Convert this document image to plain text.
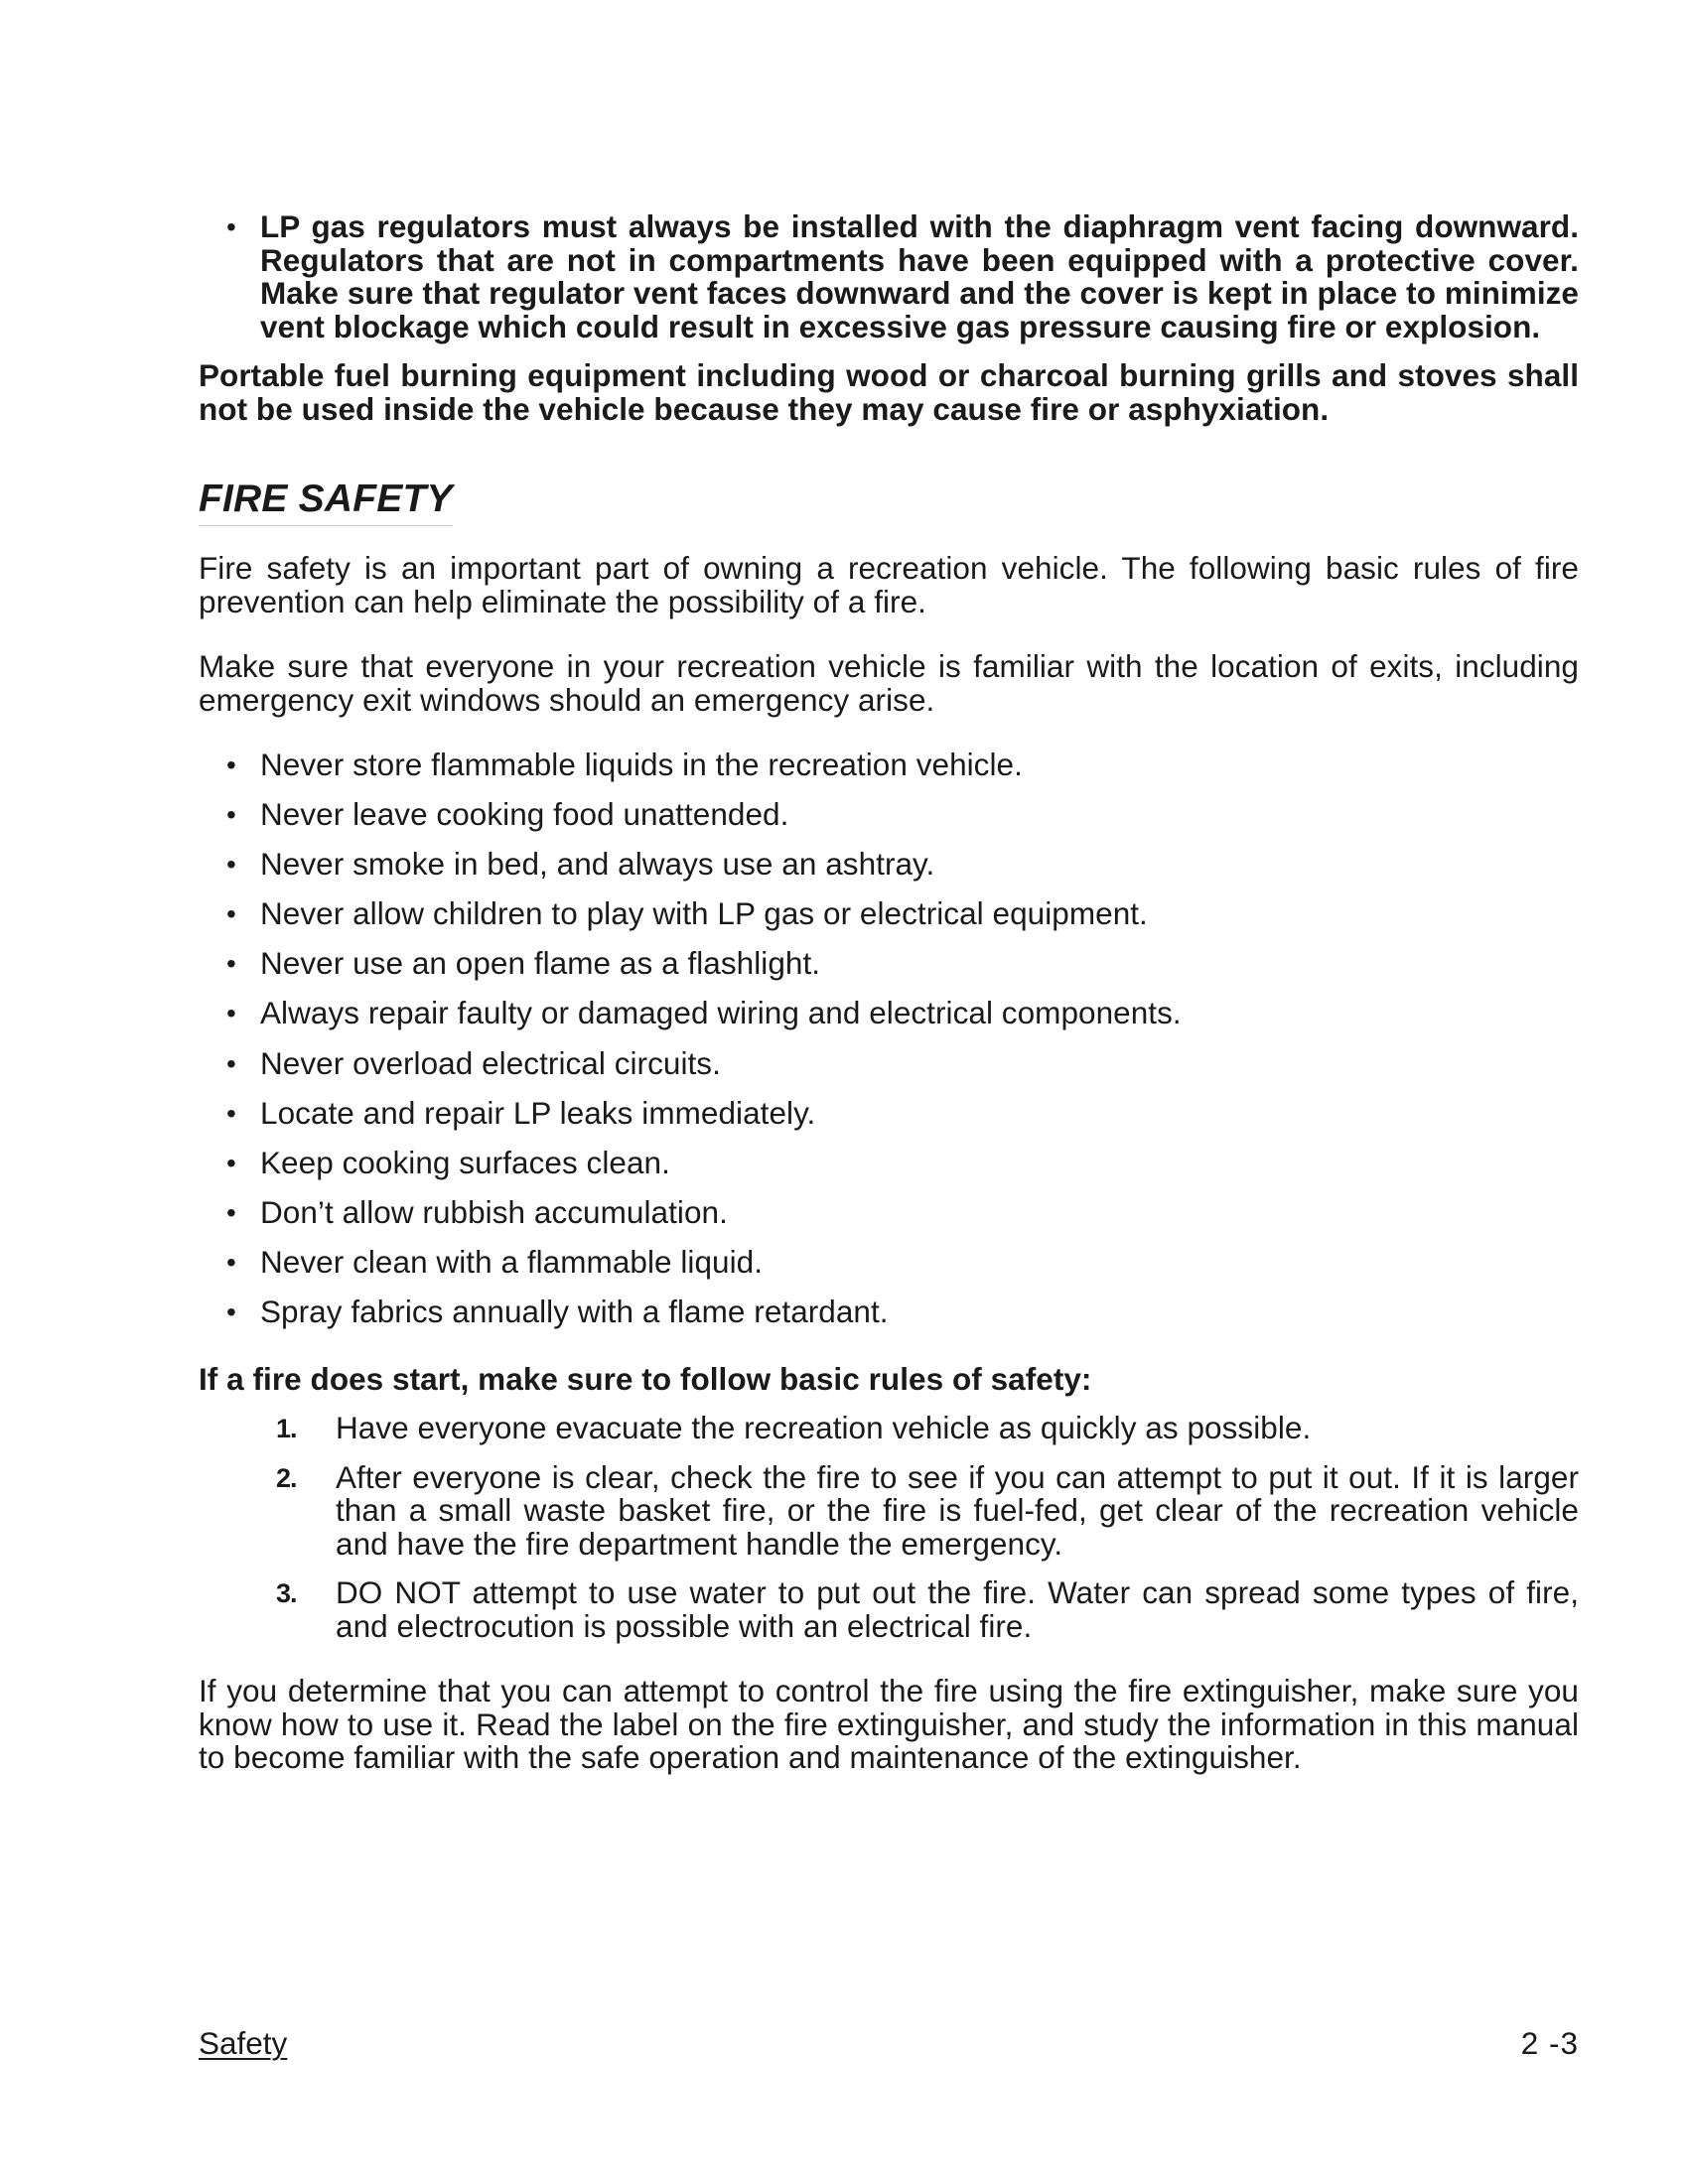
• LP gas regulators must always be installed with the diaphragm vent facing downward. Regulators that are not in compartments have been equipped with a protective cover. Make sure that regulator vent faces downward and the cover is kept in place to minimize vent blockage which could result in excessive gas pressure causing fire or explosion.

Portable fuel burning equipment including wood or charcoal burning grills and stoves shall not be used inside the vehicle because they may cause fire or asphyxiation.

FIRE SAFETY

Fire safety is an important part of owning a recreation vehicle. The following basic rules of fire prevention can help eliminate the possibility of a fire.

Make sure that everyone in your recreation vehicle is familiar with the location of exits, including emergency exit windows should an emergency arise.

• Never store flammable liquids in the recreation vehicle.

• Never leave cooking food unattended.

• Never smoke in bed, and always use an ashtray.

• Never allow children to play with LP gas or electrical equipment.

• Never use an open flame as a flashlight.

• Always repair faulty or damaged wiring and electrical components.

• Never overload electrical circuits.

• Locate and repair LP leaks immediately.

• Keep cooking surfaces clean.

• Don’t allow rubbish accumulation.

• Never clean with a flammable liquid.

• Spray fabrics annually with a flame retardant.

If a fire does start, make sure to follow basic rules of safety:

1. Have everyone evacuate the recreation vehicle as quickly as possible.

2. After everyone is clear, check the fire to see if you can attempt to put it out. If it is larger than a small waste basket fire, or the fire is fuel-fed, get clear of the recreation vehicle and have the fire department handle the emergency.

3. DO NOT attempt to use water to put out the fire. Water can spread some types of fire, and electrocution is possible with an electrical fire.

If you determine that you can attempt to control the fire using the fire extinguisher, make sure you know how to use it. Read the label on the fire extinguisher, and study the information in this manual to become familiar with the safe operation and maintenance of the extinguisher.

Safety	2 -3
